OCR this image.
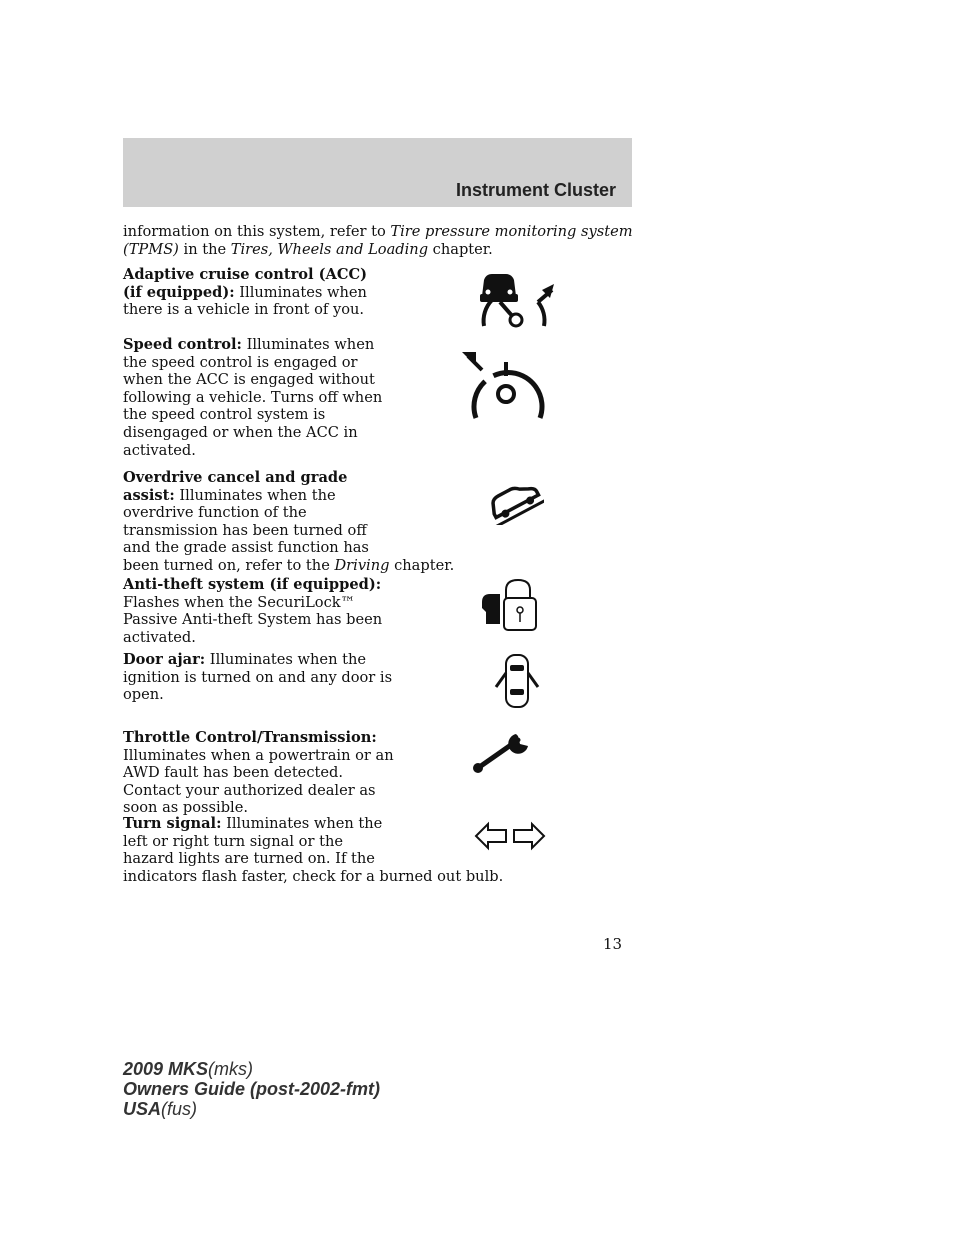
Instrument Cluster
information on this system, refer to Tire pressure monitoring system
(TPMS) in the Tires, Wheels and Loading chapter.
Adaptive cruise control (ACC)
(if equipped): Illuminates when
there is a vehicle in front of you.
Speed control: Illuminates when
the speed control is engaged or
when the ACC is engaged without
following a vehicle. Turns off when
the speed control system is
disengaged or when the ACC in
activated.
Overdrive cancel and grade
assist: Illuminates when the
overdrive function of the
transmission has been turned off
and the grade assist function has
been turned on, refer to the Driving chapter.
Anti-theft system (if equipped):
Flashes when the SecuriLock™
Passive Anti-theft System has been
activated.
Door ajar: Illuminates when the
ignition is turned on and any door is
open.
Throttle Control/Transmission:
Illuminates when a powertrain or an
AWD fault has been detected.
Contact your authorized dealer as
soon as possible.
Turn signal: Illuminates when the
left or right turn signal or the
hazard lights are turned on. If the
indicators flash faster, check for a burned out bulb.
13
2009 MKS(mks)
Owners Guide (post-2002-fmt)
USA(fus)
